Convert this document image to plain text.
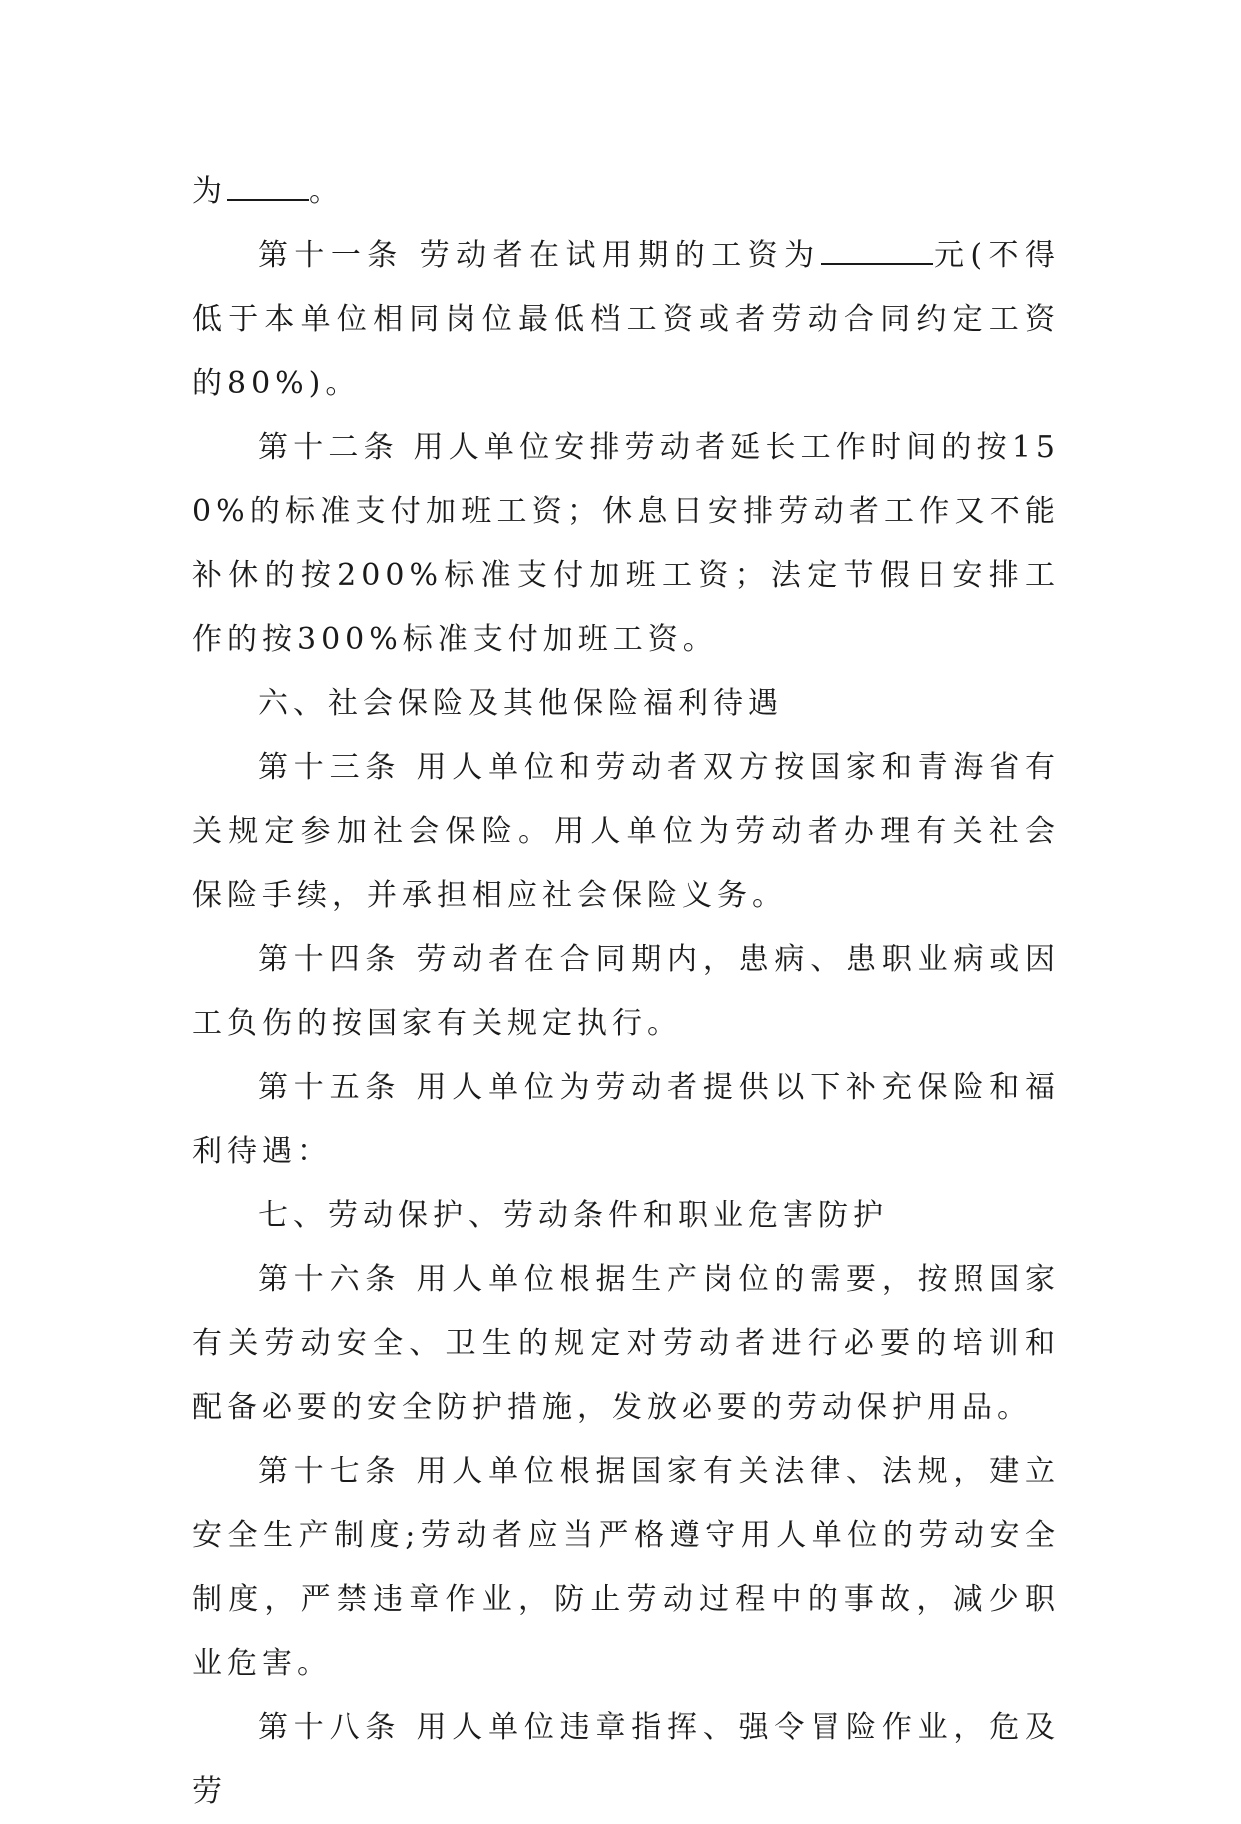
为	。

第十一条 劳动者在试用期的工资为	元(不得低于本单位相同岗位最低档工资或者劳动合同约定工资的80%)。

第十二条 用人单位安排劳动者延长工作时间的按150%的标准支付加班工资；休息日安排劳动者工作又不能补休的按200%标准支付加班工资；法定节假日安排工作的按300%标准支付加班工资。

六、社会保险及其他保险福利待遇

第十三条 用人单位和劳动者双方按国家和青海省有关规定参加社会保险。用人单位为劳动者办理有关社会保险手续，并承担相应社会保险义务。

第十四条 劳动者在合同期内，患病、患职业病或因工负伤的按国家有关规定执行。

第十五条 用人单位为劳动者提供以下补充保险和福利待遇：

七、劳动保护、劳动条件和职业危害防护

第十六条 用人单位根据生产岗位的需要，按照国家有关劳动安全、卫生的规定对劳动者进行必要的培训和配备必要的安全防护措施，发放必要的劳动保护用品。

第十七条 用人单位根据国家有关法律、法规，建立安全生产制度;劳动者应当严格遵守用人单位的劳动安全制度，严禁违章作业，防止劳动过程中的事故，减少职业危害。

第十八条 用人单位违章指挥、强令冒险作业，危及劳
